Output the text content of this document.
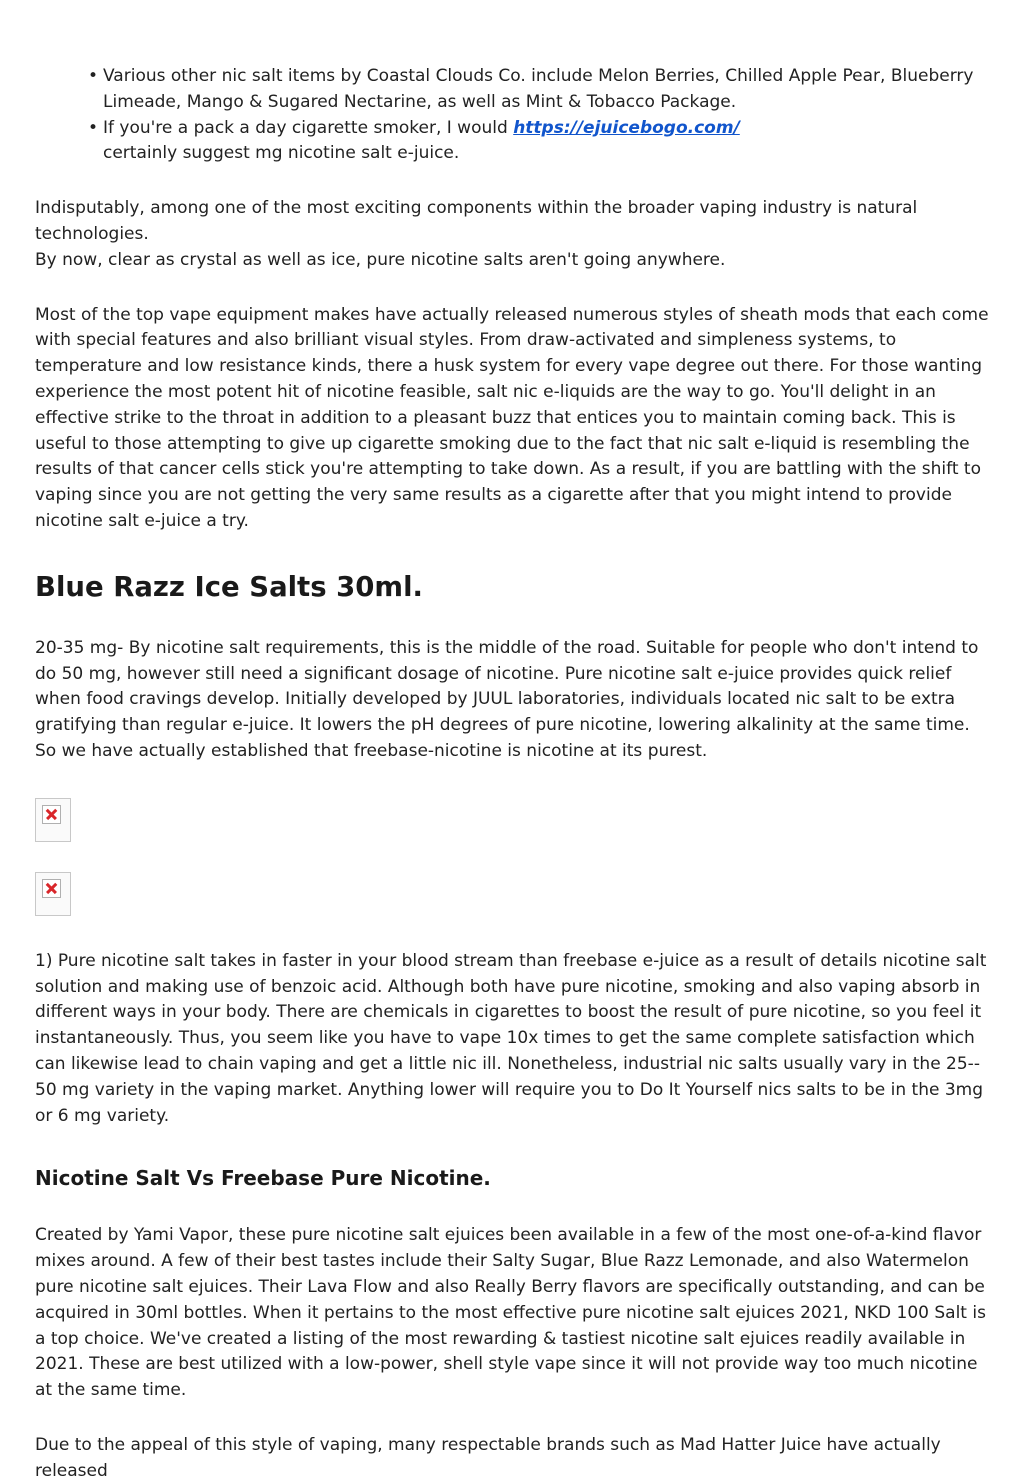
• Various other nic salt items by Coastal Clouds Co. include Melon Berries, Chilled Apple Pear, Blueberry Limeade, Mango & Sugared Nectarine, as well as Mint & Tobacco Package.
• If you're a pack a day cigarette smoker, I would https://ejuicebogo.com/
certainly suggest mg nicotine salt e-juice.

Indisputably, among one of the most exciting components within the broader vaping industry is natural technologies.

By now, clear as crystal as well as ice, pure nicotine salts aren't going anywhere.

Most of the top vape equipment makes have actually released numerous styles of sheath mods that each come with special features and also brilliant visual styles. From draw-activated and simpleness systems, to temperature and low resistance kinds, there a husk system for every vape degree out there. For those wanting experience the most potent hit of nicotine feasible, salt nic e-liquids are the way to go. You'll delight in an effective strike to the throat in addition to a pleasant buzz that entices you to maintain coming back. This is useful to those attempting to give up cigarette smoking due to the fact that nic salt e-liquid is resembling the results of that cancer cells stick you're attempting to take down. As a result, if you are battling with the shift to vaping since you are not getting the very same results as a cigarette after that you might intend to provide nicotine salt e-juice a try.

Blue Razz Ice Salts 30ml.

20-35 mg- By nicotine salt requirements, this is the middle of the road. Suitable for people who don't intend to do 50 mg, however still need a significant dosage of nicotine. Pure nicotine salt e-juice provides quick relief when food cravings develop. Initially developed by JUUL laboratories, individuals located nic salt to be extra gratifying than regular e-juice. It lowers the pH degrees of pure nicotine, lowering alkalinity at the same time. So we have actually established that freebase-nicotine is nicotine at its purest.

1) Pure nicotine salt takes in faster in your blood stream than freebase e-juice as a result of details nicotine salt solution and making use of benzoic acid. Although both have pure nicotine, smoking and also vaping absorb in different ways in your body. There are chemicals in cigarettes to boost the result of pure nicotine, so you feel it instantaneously. Thus, you seem like you have to vape 10x times to get the same complete satisfaction which can likewise lead to chain vaping and get a little nic ill. Nonetheless, industrial nic salts usually vary in the 25-- 50 mg variety in the vaping market. Anything lower will require you to Do It Yourself nics salts to be in the 3mg or 6 mg variety.

Nicotine Salt Vs Freebase Pure Nicotine.

Created by Yami Vapor, these pure nicotine salt ejuices been available in a few of the most one-of-a-kind flavor mixes around. A few of their best tastes include their Salty Sugar, Blue Razz Lemonade, and also Watermelon pure nicotine salt ejuices. Their Lava Flow and also Really Berry flavors are specifically outstanding, and can be acquired in 30ml bottles. When it pertains to the most effective pure nicotine salt ejuices 2021, NKD 100 Salt is a top choice. We've created a listing of the most rewarding & tastiest nicotine salt ejuices readily available in 2021. These are best utilized with a low-power, shell style vape since it will not provide way too much nicotine at the same time.

Due to the appeal of this style of vaping, many respectable brands such as Mad Hatter Juice have actually released
